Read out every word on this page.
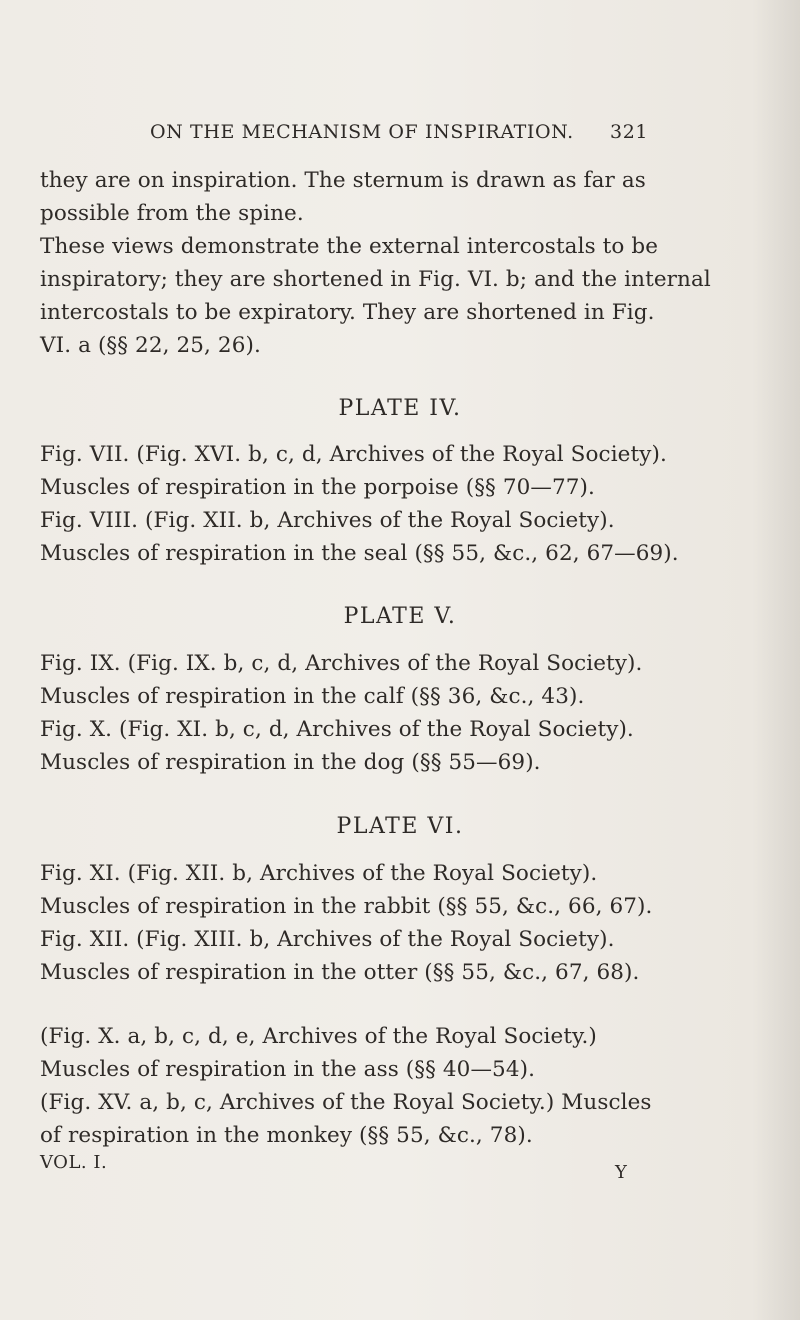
ON THE MECHANISM OF INSPIRATION. 321
they are on inspiration. The sternum is drawn as far as
possible from the spine.
These views demonstrate the external intercostals to be
inspiratory; they are shortened in Fig. VI. b; and the internal
intercostals to be expiratory. They are shortened in Fig.
VI. a (§§ 22, 25, 26).
PLATE IV.
Fig. VII. (Fig. XVI. b, c, d, Archives of the Royal Society).
Muscles of respiration in the porpoise (§§ 70—77).
Fig. VIII. (Fig. XII. b, Archives of the Royal Society).
Muscles of respiration in the seal (§§ 55, &c., 62, 67—69).
PLATE V.
Fig. IX. (Fig. IX. b, c, d, Archives of the Royal Society).
Muscles of respiration in the calf (§§ 36, &c., 43).
Fig. X. (Fig. XI. b, c, d, Archives of the Royal Society).
Muscles of respiration in the dog (§§ 55—69).
PLATE VI.
Fig. XI. (Fig. XII. b, Archives of the Royal Society).
Muscles of respiration in the rabbit (§§ 55, &c., 66, 67).
Fig. XII. (Fig. XIII. b, Archives of the Royal Society).
Muscles of respiration in the otter (§§ 55, &c., 67, 68).
(Fig. X. a, b, c, d, e, Archives of the Royal Society.)
Muscles of respiration in the ass (§§ 40—54).
(Fig. XV. a, b, c, Archives of the Royal Society.) Muscles
of respiration in the monkey (§§ 55, &c., 78).
VOL. I.	Y
